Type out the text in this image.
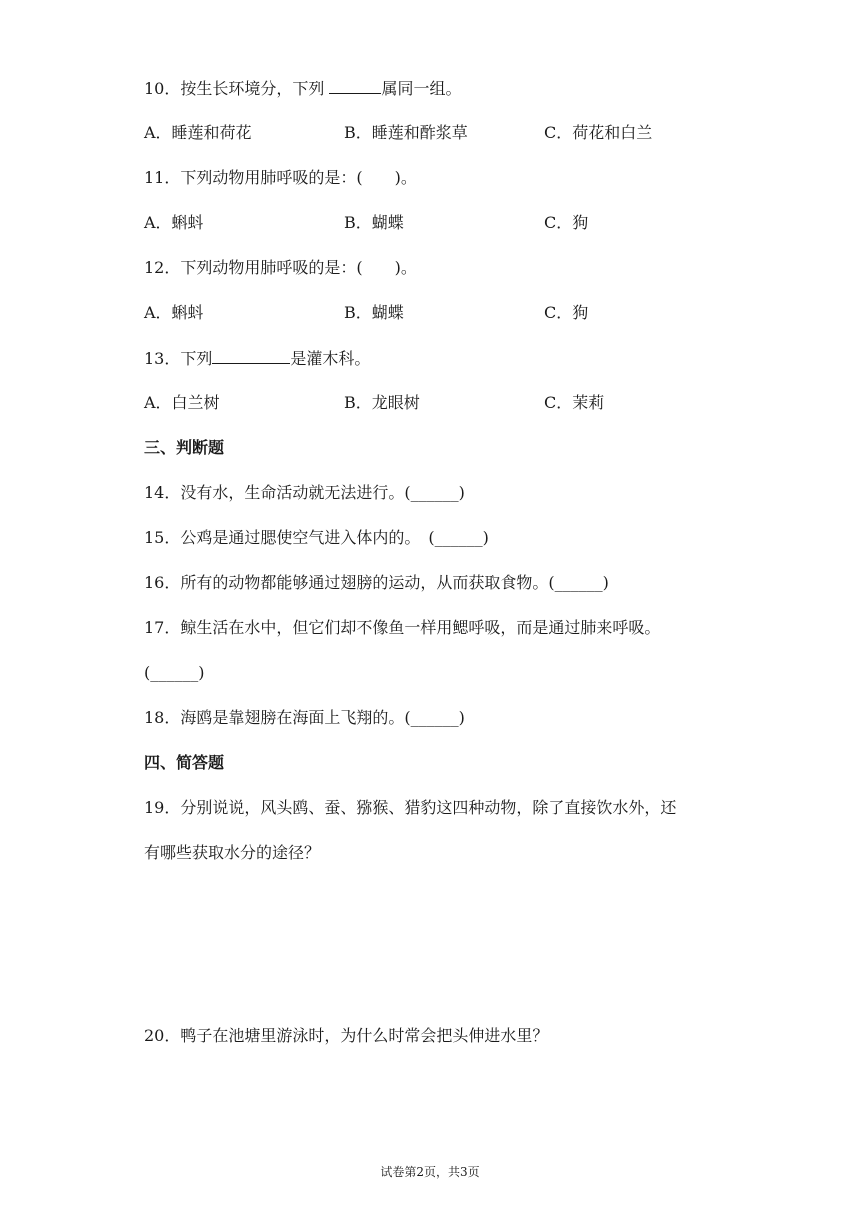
10．按生长环境分，下列	属同一组。
A．睡莲和荷花	B．睡莲和酢浆草	C．荷花和白兰
11．下列动物用肺呼吸的是：(　　)。
A．蝌蚪	B．蝴蝶	C．狗
12．下列动物用肺呼吸的是：(　　)。
A．蝌蚪	B．蝴蝶	C．狗
13．下列	是灌木科。
A．白兰树	B．龙眼树	C．茉莉
三、判断题
14．没有水，生命活动就无法进行。(______)
15．公鸡是通过腮使空气进入体内的。　(______)
16．所有的动物都能够通过翅膀的运动，从而获取食物。(______)
17．鲸生活在水中，但它们却不像鱼一样用鳃呼吸，而是通过肺来呼吸。
(______)
18．海鸥是靠翅膀在海面上飞翔的。(______)
四、简答题
19．分别说说，风头鸥、蚕、猕猴、猎豹这四种动物，除了直接饮水外，还
有哪些获取水分的途径？
20．鸭子在池塘里游泳时，为什么时常会把头伸进水里？
试卷第2页，共3页
